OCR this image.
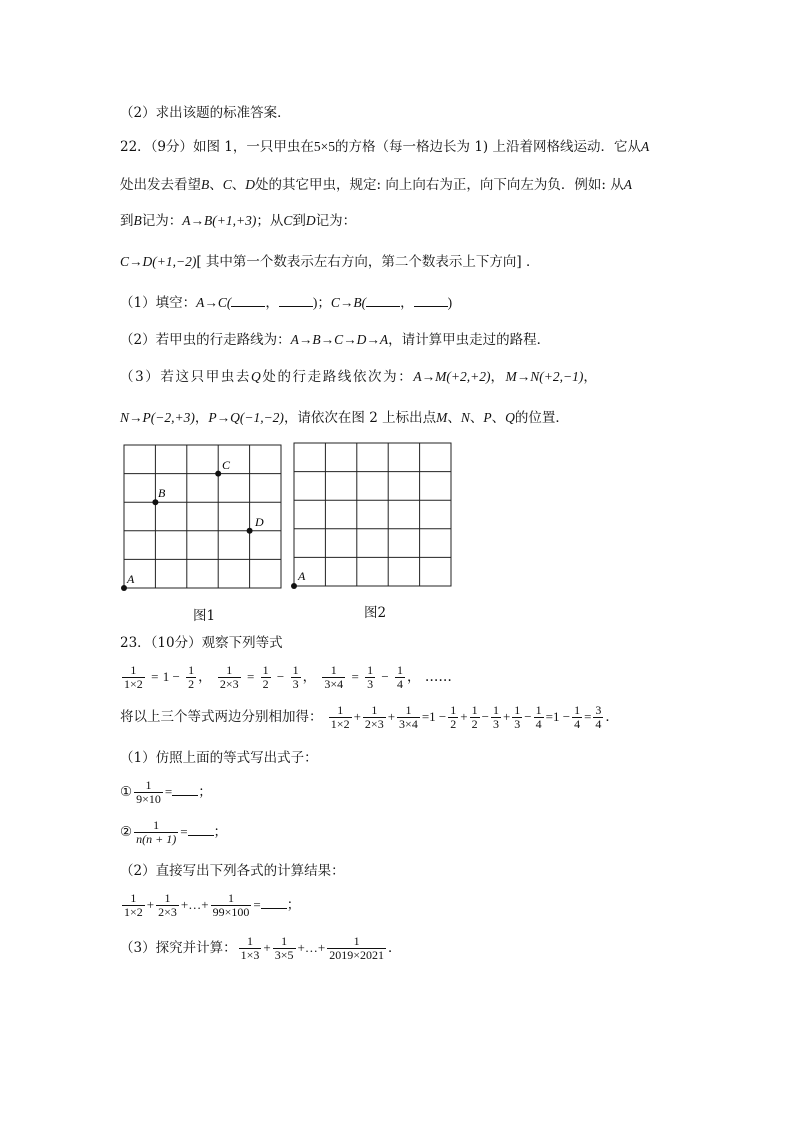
（2）求出该题的标准答案．
22．（9分）如图 1，一只甲虫在5×5的方格（每一格边长为 1) 上沿着网格线运动．它从A
处出发去看望B、C、D处的其它甲虫，规定: 向上向右为正，向下向左为负．例如: 从A
到B记为：A→B(+1,+3)；从C到D记为：
C→D(+1,−2)[ 其中第一个数表示左右方向，第二个数表示上下方向] ．
（1）填空：A→C(	，	)；C→B(	，	)
（2）若甲虫的行走路线为：A→B→C→D→A，请计算甲虫走过的路程．
（3）若这只甲虫去Q处的行走路线依次为：A→M(+2,+2)，M→N(+2,−1)，
N→P(−2,+3)，P→Q(−1,−2)，请依次在图 2 上标出点M、N、P、Q的位置．
A
B
C
D
图1
A
图2
23．（10分）观察下列等式
$\frac{1}{1\times 2} = 1 - \frac{1}{2}$ ， $\frac{1}{2\times 3} = \frac{1}{2} - \frac{1}{3}$ ， $\frac{1}{3\times 4} = \frac{1}{3} - \frac{1}{4}$ ， ……
将以上三个等式两边分别相加得： $\frac{1}{1\times 2} + \frac{1}{2\times 3} + \frac{1}{3\times 4} =1 - \frac{1}{2} + \frac{1}{2} - \frac{1}{3} + \frac{1}{3} - \frac{1}{4} =1 - \frac{1}{4} = \frac{3}{4}$ ．
（1）仿照上面的等式写出式子：
① $\frac{1}{9\times 10}$ = ；
② $\frac{1}{n(n + 1)}$ = ；
（2）直接写出下列各式的计算结果：
$\frac{1}{1\times 2} + \frac{1}{2\times 3}$ +…+ $\frac{1}{99\times 100}$ = ；
（3）探究并计算： $\frac{1}{1\times 3} + \frac{1}{3\times 5}$ +…+ $\frac{1}{2019\times 2021}$ ．
